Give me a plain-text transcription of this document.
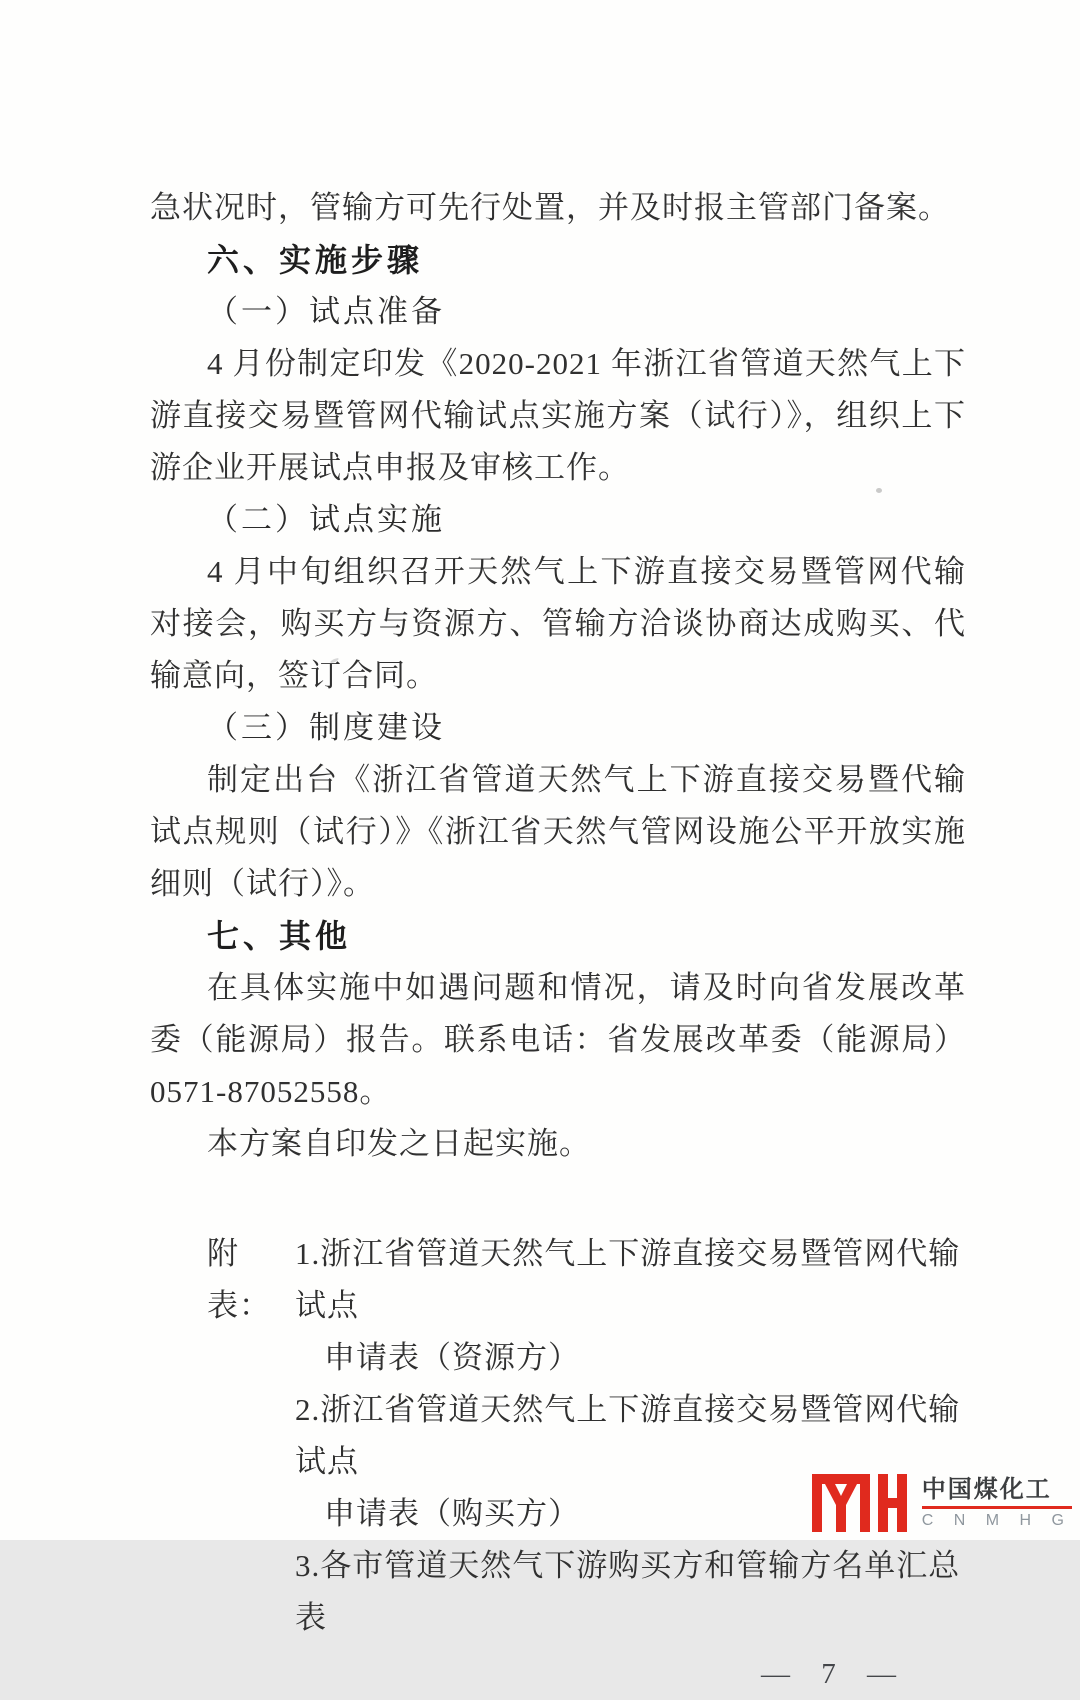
急状况时，管输方可先行处置，并及时报主管部门备案。

六、实施步骤
（一）试点准备

4 月份制定印发《2020-2021 年浙江省管道天然气上下游直接交易暨管网代输试点实施方案（试行）》，组织上下游企业开展试点申报及审核工作。

（二）试点实施

4 月中旬组织召开天然气上下游直接交易暨管网代输对接会，购买方与资源方、管输方洽谈协商达成购买、代输意向，签订合同。

（三）制度建设

制定出台《浙江省管道天然气上下游直接交易暨代输试点规则（试行）》《浙江省天然气管网设施公平开放实施细则（试行）》。

七、其他

在具体实施中如遇问题和情况，请及时向省发展改革委（能源局）报告。联系电话：省发展改革委（能源局） 0571-87052558。

本方案自印发之日起实施。

附表：
1.浙江省管道天然气上下游直接交易暨管网代输试点
申请表（资源方）
2.浙江省管道天然气上下游直接交易暨管网代输试点
申请表（购买方）
3.各市管道天然气下游购买方和管输方名单汇总表
— 7 —
中国煤化工
C N M H G
